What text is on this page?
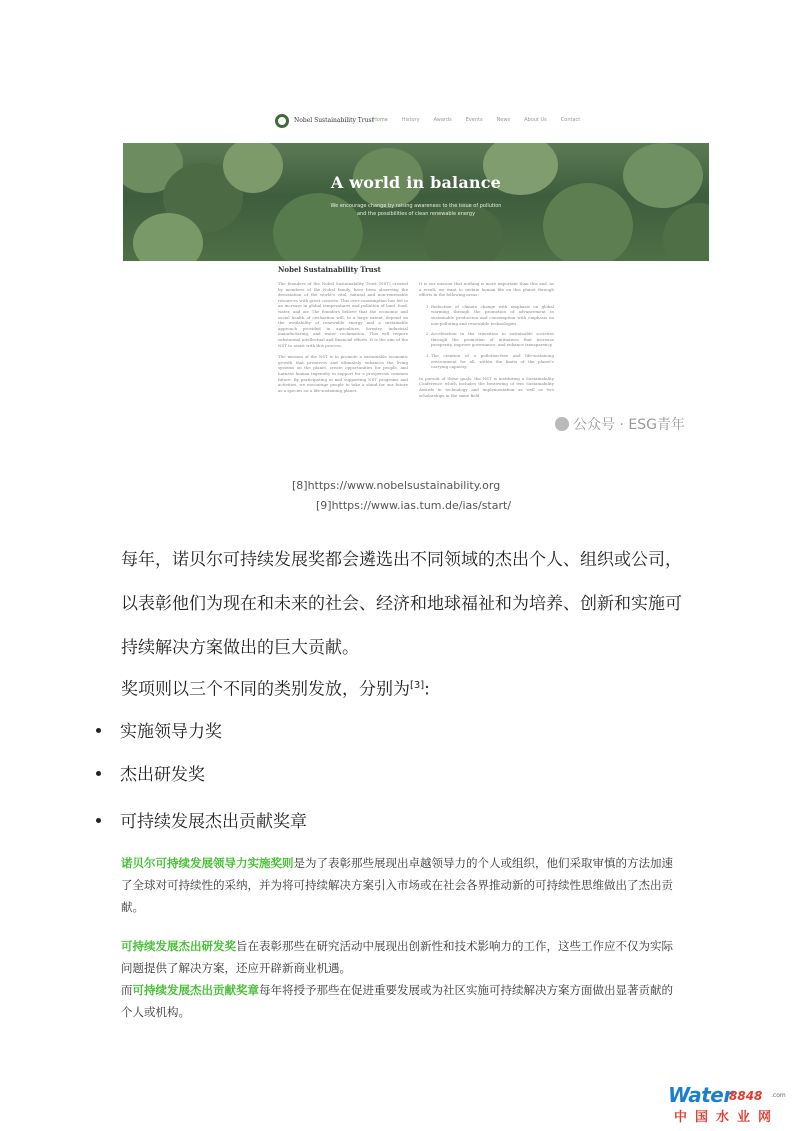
Nobel Sustainability Trust
Home	History	Awards	Events	News	About Us	Contact
A world in balance
We encourage change by raising awareness to the issue of pollution and the possibilities of clean renewable energy
Nobel Sustainability Trust

The founders of the Nobel Sustainability Trust (NST) created by members of the Nobel family, have been observing the devastation of the world's vital, natural and non-renewable resources with great concern. This over-consumption has led to an increase in global temperatures and pollution of land, food, water, and air. The founders believe that the economic and social health of civilization will, to a large extent, depend on the availability of renewable energy and a sustainable approach provided in agriculture, forestry, industrial manufacturing, and water reclamation. This will require substantial intellectual and financial efforts. It is the aim of the NST to assist with this process.

The mission of the NST is to promote a sustainable economic growth that preserves and ultimately enhances the living systems on the planet, create opportunities for people, and harness human ingenuity in support for a prosperous common future. By participating in and supporting NST programs and activities, we encourage people to take a stand for our future as a species on a life-sustaining planet.

It is our mission that nothing is more important than this and, as a result, we want to sustain human life on this planet through efforts in the following areas:

1. Reduction of climate change with emphasis on global warming through the promotion of advancement in sustainable production and consumption with emphasis on non-polluting and renewable technologies.
2. Acceleration in the transition to sustainable societies through the promotion of initiatives that increase prosperity, improve governance, and enhance transparency.
3. The creation of a pollution-free and life-sustaining environment for all, within the limits of the planet's carrying capacity.

In pursuit of these goals, the NST is instituting a Sustainability Conference which includes the bestowing of two Sustainability Awards in technology and implementation as well as two scholarships in the same field.

公众号 · ESG青年
[8]https://www.nobelsustainability.org
[9]https://www.ias.tum.de/ias/start/
每年，诺贝尔可持续发展奖都会遴选出不同领域的杰出个人、组织或公司，以表彰他们为现在和未来的社会、经济和地球福祉和为培养、创新和实施可持续解决方案做出的巨大贡献。
奖项则以三个不同的类别发放，分别为[3]:
实施领导力奖
杰出研发奖
可持续发展杰出贡献奖章
诺贝尔可持续发展领导力实施奖则是为了表彰那些展现出卓越领导力的个人或组织，他们采取审慎的方法加速了全球对可持续性的采纳，并为将可持续解决方案引入市场或在社会各界推动新的可持续性思维做出了杰出贡献。
可持续发展杰出研发奖旨在表彰那些在研究活动中展现出创新性和技术影响力的工作，这些工作应不仅为实际问题提供了解决方案，还应开辟新商业机遇。
而可持续发展杰出贡献奖章每年将授予那些在促进重要发展或为社区实施可持续解决方案方面做出显著贡献的个人或机构。
Water
8848 .com
中国水业网
